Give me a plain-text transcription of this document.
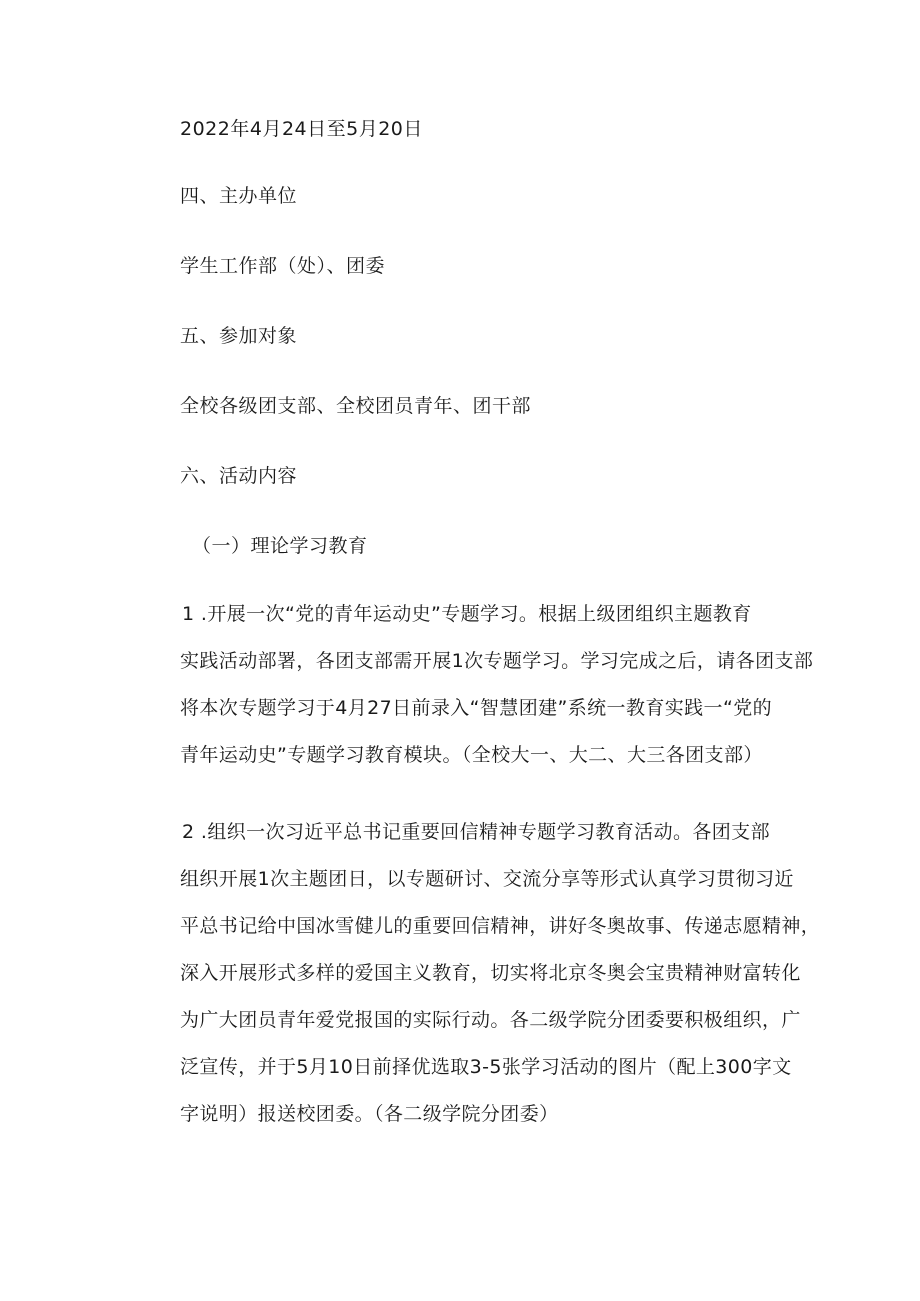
2022年4月24日至5月20日
四、主办单位
学生工作部（处）、团委
五、参加对象
全校各级团支部、全校团员青年、团干部
六、活动内容
（一）理论学习教育
1 .开展一次“党的青年运动史”专题学习。根据上级团组织主题教育
实践活动部署，各团支部需开展1次专题学习。学习完成之后，请各团支部
将本次专题学习于4月27日前录入“智慧团建”系统一教育实践一“党的
青年运动史”专题学习教育模块。（全校大一、大二、大三各团支部）
2 .组织一次习近平总书记重要回信精神专题学习教育活动。各团支部
组织开展1次主题团日，以专题研讨、交流分享等形式认真学习贯彻习近
平总书记给中国冰雪健儿的重要回信精神，讲好冬奥故事、传递志愿精神，
深入开展形式多样的爱国主义教育，切实将北京冬奥会宝贵精神财富转化
为广大团员青年爱党报国的实际行动。各二级学院分团委要积极组织，广
泛宣传，并于5月10日前择优选取3-5张学习活动的图片（配上300字文
字说明）报送校团委。（各二级学院分团委）
